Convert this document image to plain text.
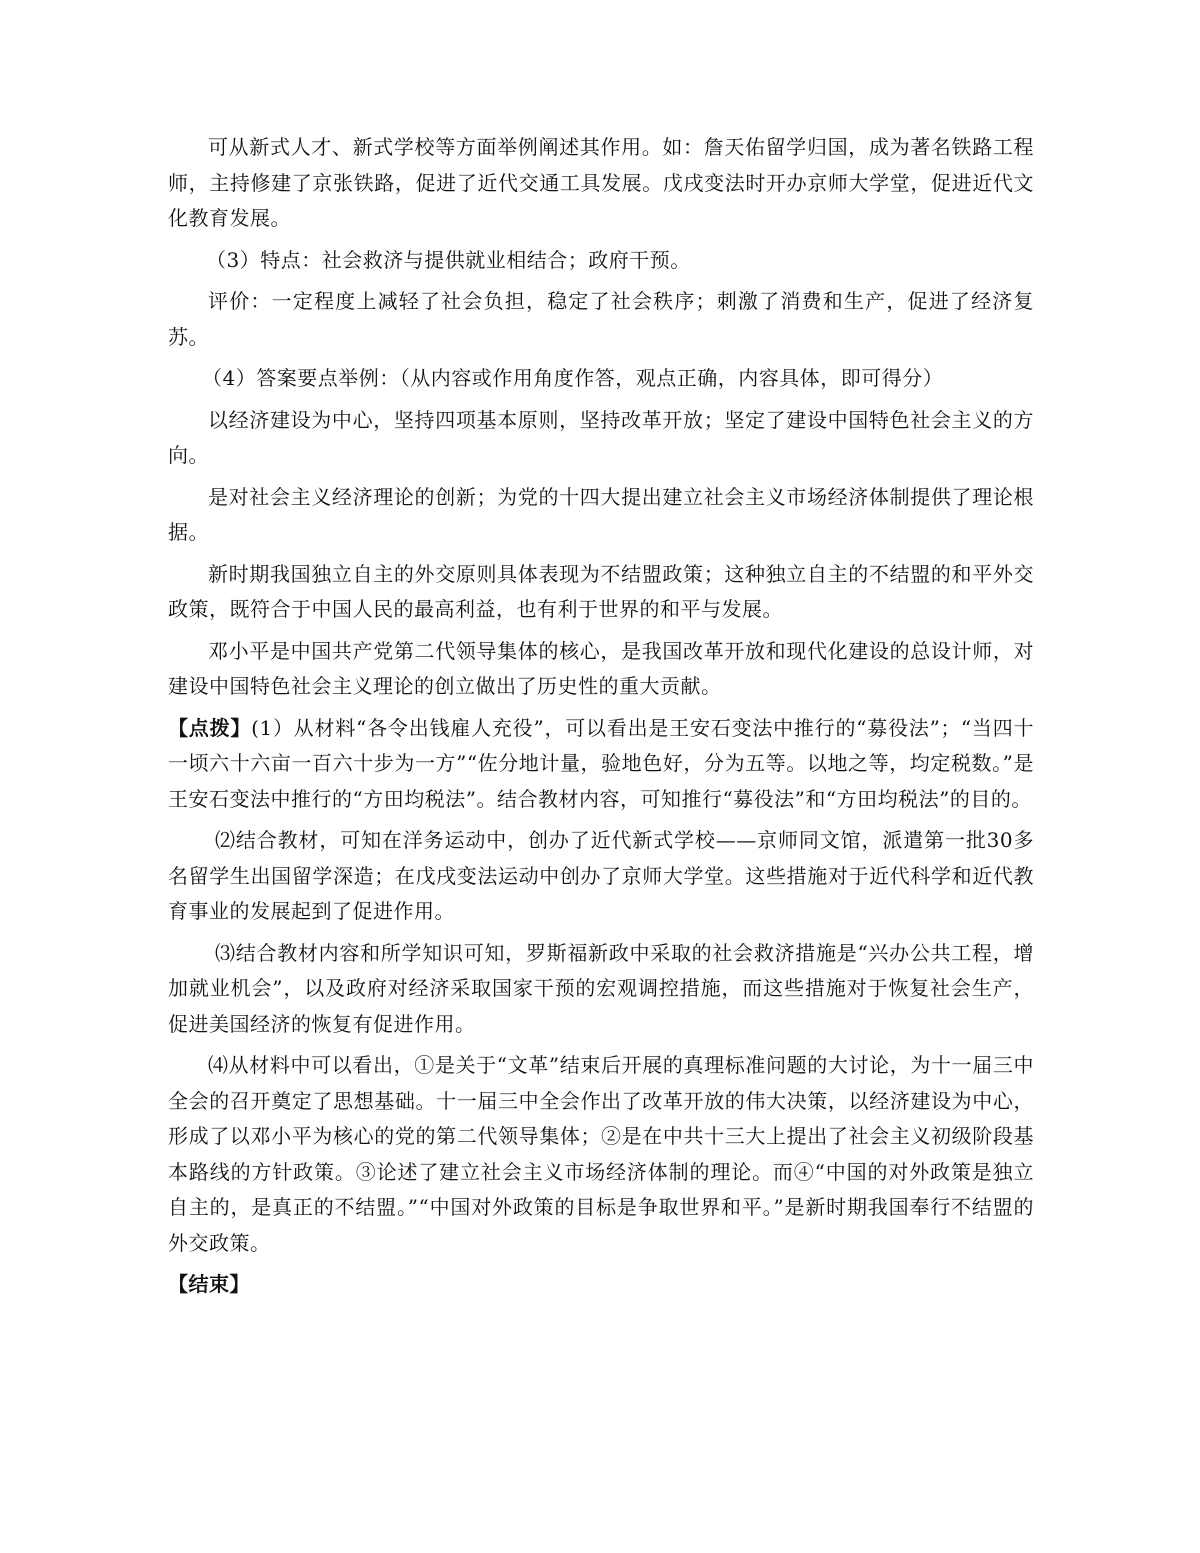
可从新式人才、新式学校等方面举例阐述其作用。如：詹天佑留学归国，成为著名铁路工程师，主持修建了京张铁路，促进了近代交通工具发展。戊戌变法时开办京师大学堂，促进近代文化教育发展。

（3）特点：社会救济与提供就业相结合；政府干预。

评价：一定程度上减轻了社会负担，稳定了社会秩序；刺激了消费和生产，促进了经济复苏。

（4）答案要点举例：（从内容或作用角度作答，观点正确，内容具体，即可得分）

以经济建设为中心，坚持四项基本原则，坚持改革开放；坚定了建设中国特色社会主义的方向。

是对社会主义经济理论的创新；为党的十四大提出建立社会主义市场经济体制提供了理论根据。

新时期我国独立自主的外交原则具体表现为不结盟政策；这种独立自主的不结盟的和平外交政策，既符合于中国人民的最高利益，也有利于世界的和平与发展。

邓小平是中国共产党第二代领导集体的核心，是我国改革开放和现代化建设的总设计师，对建设中国特色社会主义理论的创立做出了历史性的重大贡献。

【点拨】(1）从材料“各令出钱雇人充役”，可以看出是王安石变法中推行的“募役法”；“当四十一顷六十六亩一百六十步为一方”“佐分地计量，验地色好，分为五等。以地之等，均定税数。”是王安石变法中推行的“方田均税法”。结合教材内容，可知推行“募役法”和“方田均税法”的目的。

⑵结合教材，可知在洋务运动中，创办了近代新式学校——京师同文馆，派遣第一批30多名留学生出国留学深造；在戊戌变法运动中创办了京师大学堂。这些措施对于近代科学和近代教育事业的发展起到了促进作用。

⑶结合教材内容和所学知识可知，罗斯福新政中采取的社会救济措施是“兴办公共工程，增加就业机会”，以及政府对经济采取国家干预的宏观调控措施，而这些措施对于恢复社会生产，促进美国经济的恢复有促进作用。

⑷从材料中可以看出，①是关于“文革”结束后开展的真理标准问题的大讨论，为十一届三中全会的召开奠定了思想基础。十一届三中全会作出了改革开放的伟大决策，以经济建设为中心，形成了以邓小平为核心的党的第二代领导集体；②是在中共十三大上提出了社会主义初级阶段基本路线的方针政策。③论述了建立社会主义市场经济体制的理论。而④“中国的对外政策是独立自主的，是真正的不结盟。”“中国对外政策的目标是争取世界和平。”是新时期我国奉行不结盟的外交政策。

【结束】
